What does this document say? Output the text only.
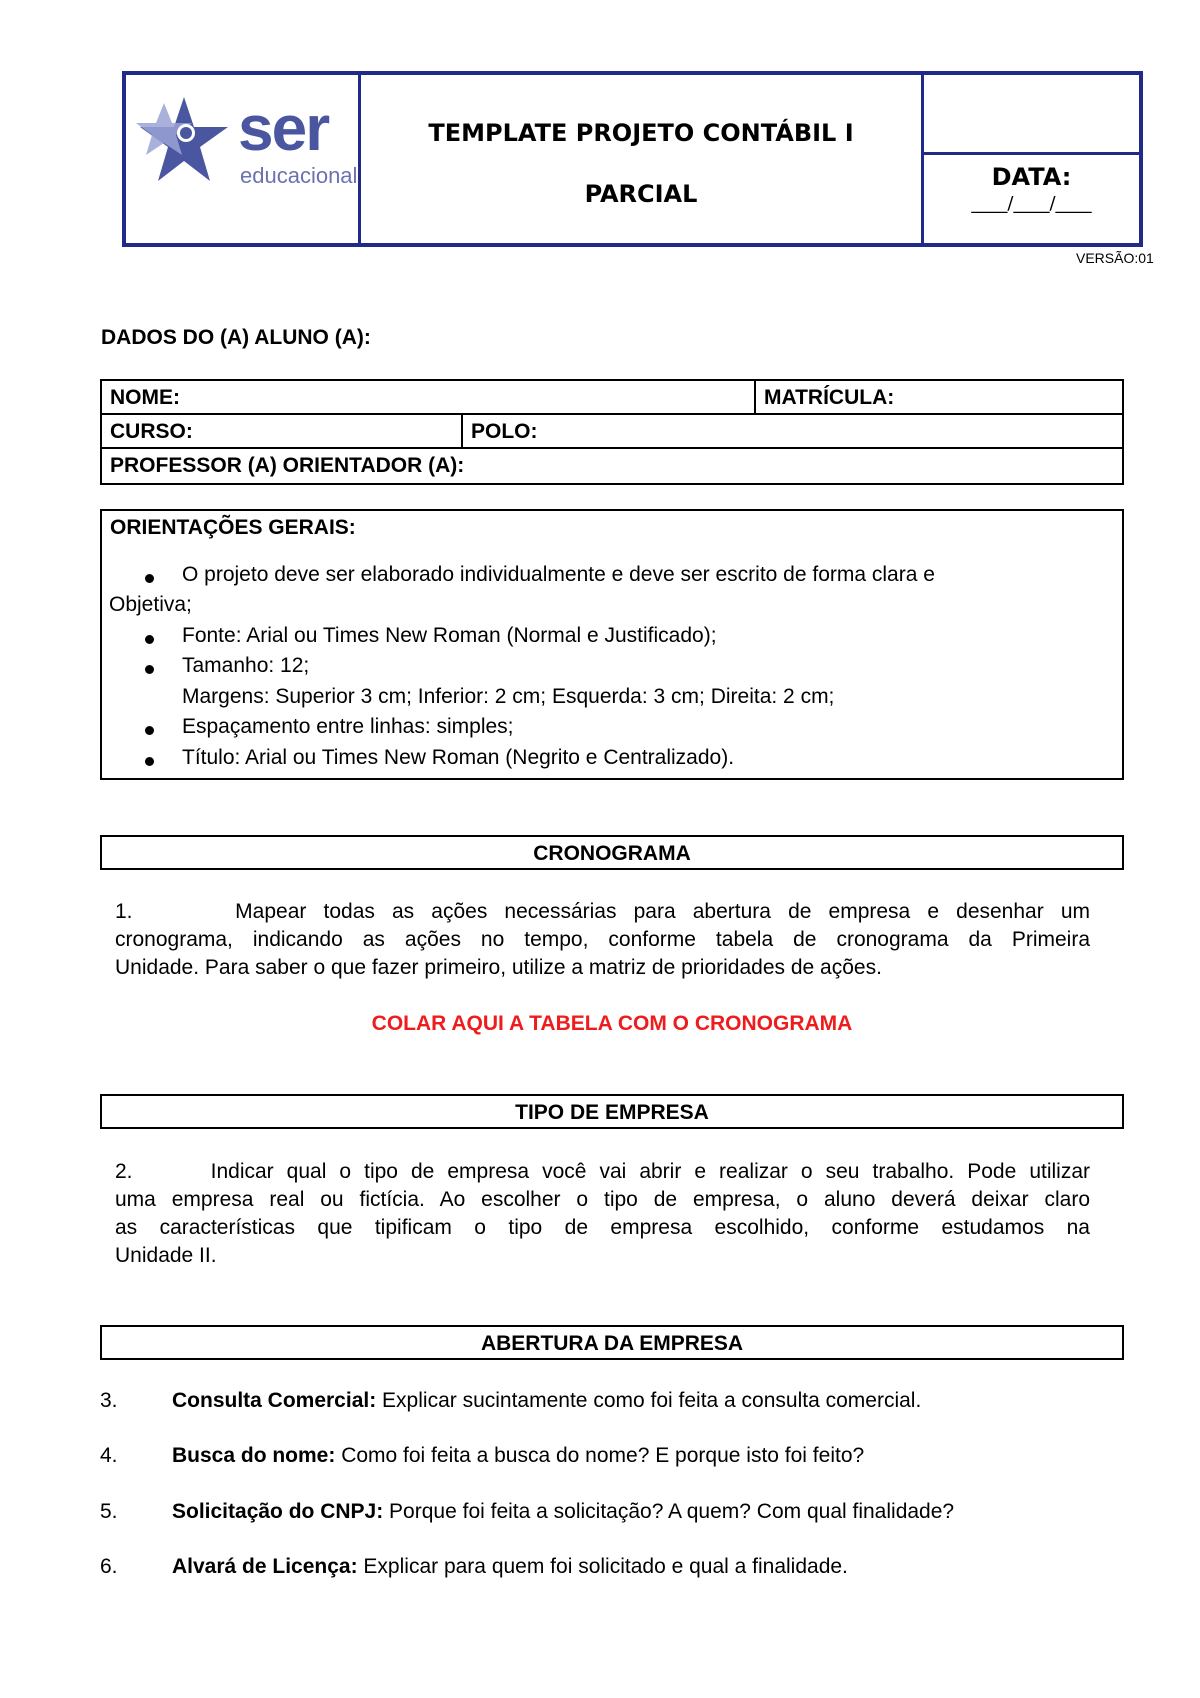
ser
educacional
TEMPLATE PROJETO CONTÁBIL I
PARCIAL
DATA:
____/____/____
VERSÃO:01
DADOS DO (A) ALUNO (A):
NOME:	MATRÍCULA:
CURSO:	POLO:
PROFESSOR (A) ORIENTADOR (A):
ORIENTAÇÕES GERAIS:
O projeto deve ser elaborado individualmente e deve ser escrito de forma clara e
Objetiva;
Fonte: Arial ou Times New Roman (Normal e Justificado);
Tamanho: 12;
Margens: Superior 3 cm; Inferior: 2 cm; Esquerda: 3 cm; Direita: 2 cm;
Espaçamento entre linhas: simples;
Título: Arial ou Times New Roman (Negrito e Centralizado).
CRONOGRAMA
1.      Mapear todas as ações necessárias para abertura de empresa e desenhar um
cronograma, indicando as ações no tempo, conforme tabela de cronograma da Primeira
Unidade. Para saber o que fazer primeiro, utilize a matriz de prioridades de ações.
COLAR AQUI A TABELA COM O CRONOGRAMA
TIPO DE EMPRESA
2.      Indicar qual o tipo de empresa você vai abrir e realizar o seu trabalho. Pode utilizar
uma empresa real ou fictícia. Ao escolher o tipo de empresa, o aluno deverá deixar claro
as características que tipificam o tipo de empresa escolhido, conforme estudamos na
Unidade II.
ABERTURA DA EMPRESA
3.	Consulta Comercial: Explicar sucintamente como foi feita a consulta comercial.
4.	Busca do nome: Como foi feita a busca do nome? E porque isto foi feito?
5.	Solicitação do CNPJ: Porque foi feita a solicitação? A quem? Com qual finalidade?
6.	Alvará de Licença: Explicar para quem foi solicitado e qual a finalidade.
